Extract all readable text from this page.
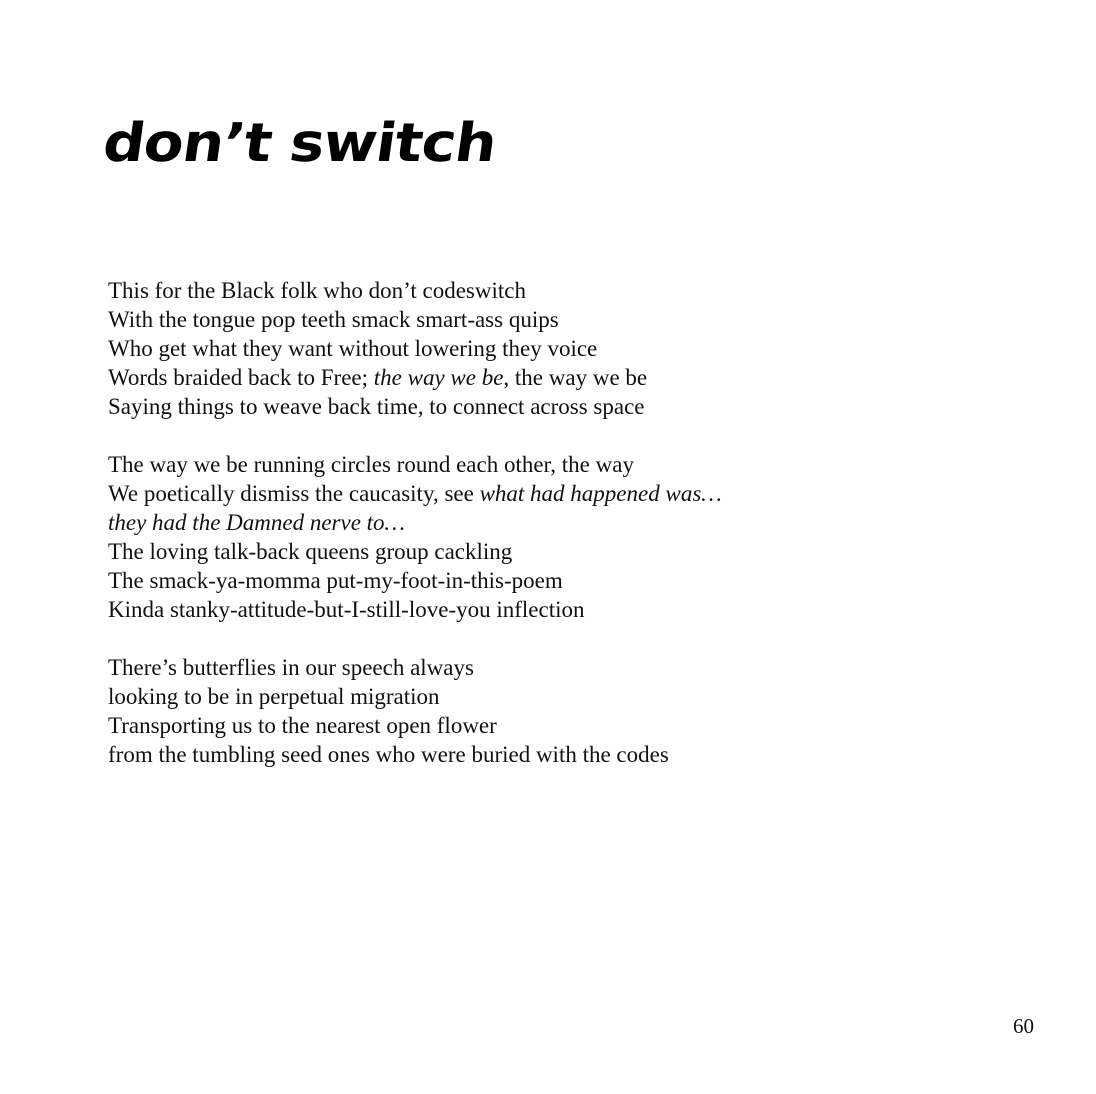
don’t switch
This for the Black folk who don’t codeswitch
With the tongue pop teeth smack smart-ass quips
Who get what they want without lowering they voice
Words braided back to Free; the way we be, the way we be
Saying things to weave back time, to connect across space
The way we be running circles round each other, the way
We poetically dismiss the caucasity, see what had happened was…
they had the Damned nerve to…
The loving talk-back queens group cackling
The smack-ya-momma put-my-foot-in-this-poem
Kinda stanky-attitude-but-I-still-love-you inflection
There’s butterflies in our speech always
looking to be in perpetual migration
Transporting us to the nearest open flower
from the tumbling seed ones who were buried with the codes
60
